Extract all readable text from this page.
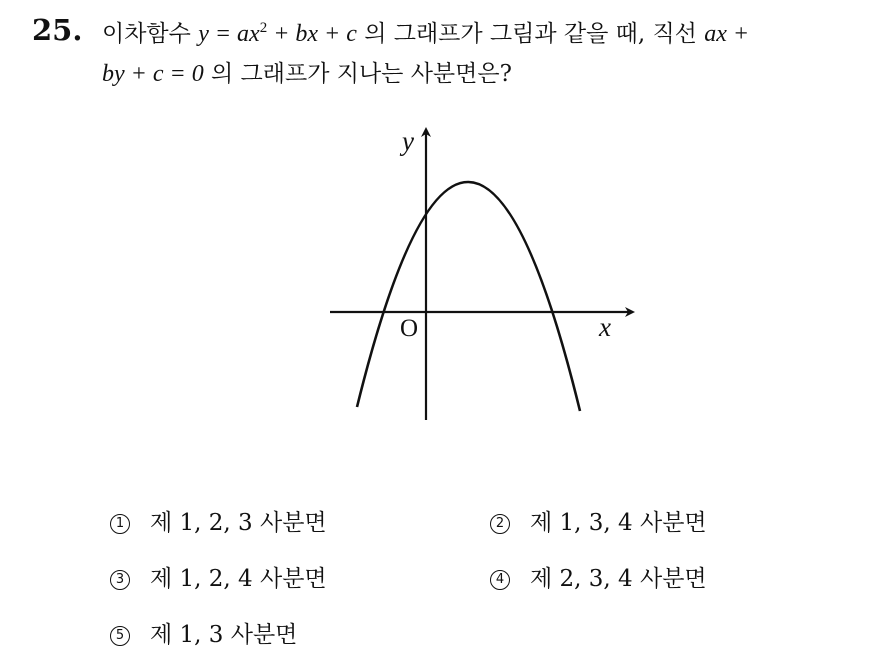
25. 이차함수 $y = ax^2$ + bx + c 의 그래프가 그림과 같을 때, 직선 ax +
by + c = 0 의 그래프가 지나는 사분면은?
y
x
O
1 제 1, 2, 3 사분면	2 제 1, 3, 4 사분면
3 제 1, 2, 4 사분면	4 제 2, 3, 4 사분면
5 제 1, 3 사분면
